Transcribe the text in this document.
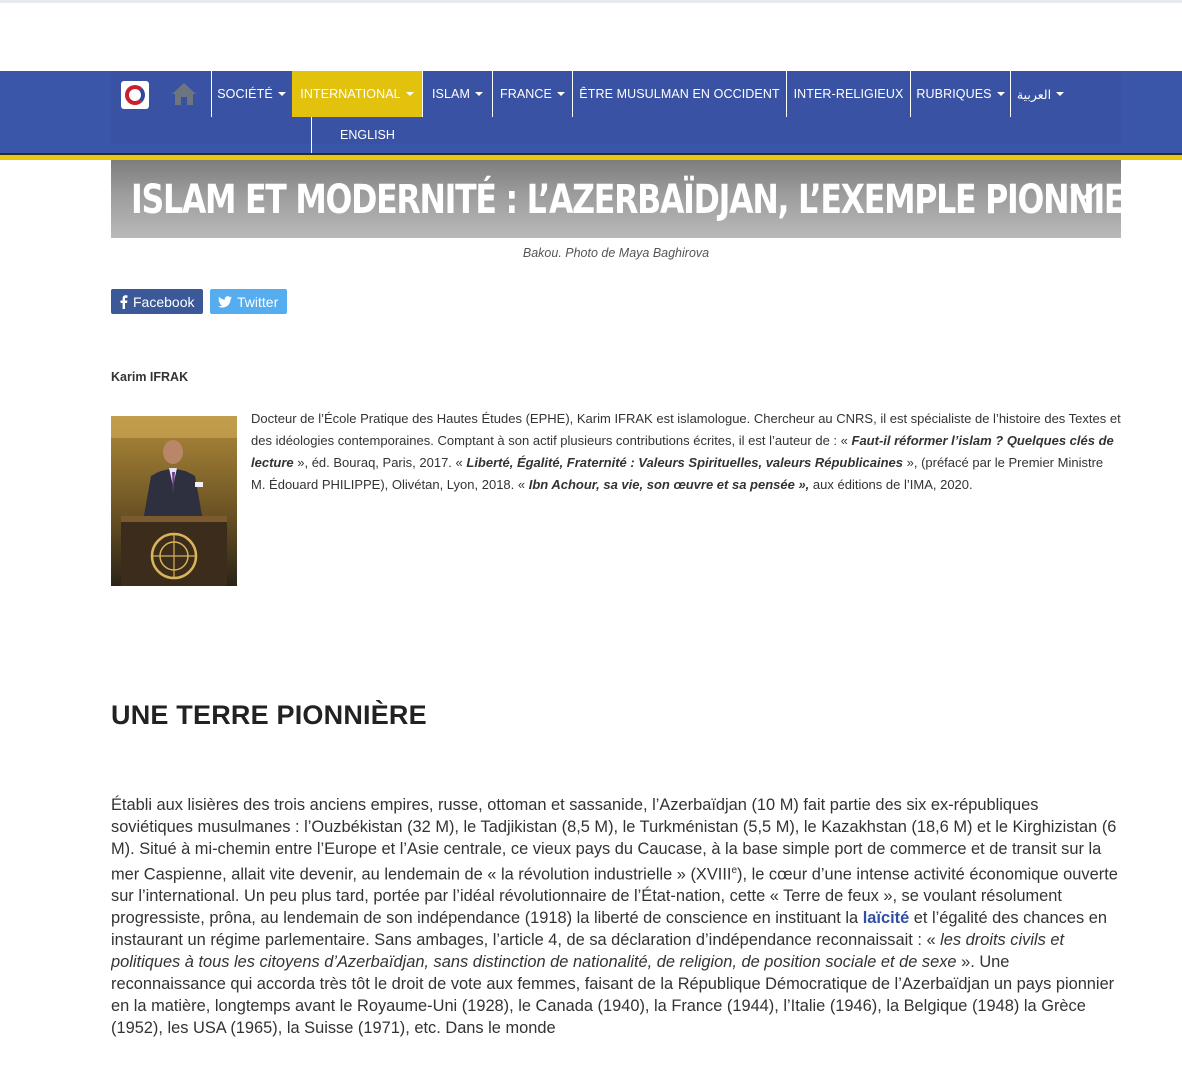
SOCIÉTÉ INTERNATIONAL	ISLAM FRANCE ÊTRE MUSULMAN EN OCCIDENT INTER-RELIGIEUX RUBRIQUES العربية
ENGLISH
ISLAM ET MODERNITÉ : L’AZERBAÏDJAN, L’EXEMPLE PIONNIER
Bakou. Photo de Maya Baghirova
Facebook	Twitter
Karim IFRAK
Docteur de l’École Pratique des Hautes Études (EPHE), Karim IFRAK est islamologue. Chercheur au CNRS, il est spécialiste de l’histoire des Textes et des idéologies contemporaines. Comptant à son actif plusieurs contributions écrites, il est l’auteur de : « Faut-il réformer l’islam ? Quelques clés de lecture », éd. Bouraq, Paris, 2017. « Liberté, Égalité, Fraternité : Valeurs Spirituelles, valeurs Républicaines », (préfacé par le Premier Ministre M. Édouard PHILIPPE), Olivétan, Lyon, 2018. « Ibn Achour, sa vie, son œuvre et sa pensée », aux éditions de l’IMA, 2020.
UNE TERRE PIONNIÈRE
Établi aux lisières des trois anciens empires, russe, ottoman et sassanide, l’Azerbaïdjan (10 M) fait partie des six ex-républiques soviétiques musulmanes : l’Ouzbékistan (32 M), le Tadjikistan (8,5 M), le Turkménistan (5,5 M), le Kazakhstan (18,6 M) et le Kirghizistan (6 M). Situé à mi-chemin entre l’Europe et l’Asie centrale, ce vieux pays du Caucase, à la base simple port de commerce et de transit sur la mer Caspienne, allait vite devenir, au lendemain de « la révolution industrielle » (XVIIIe), le cœur d’une intense activité économique ouverte sur l’international. Un peu plus tard, portée par l’idéal révolutionnaire de l’État-nation, cette « Terre de feux », se voulant résolument progressiste, prôna, au lendemain de son indépendance (1918) la liberté de conscience en instituant la laïcité et l’égalité des chances en instaurant un régime parlementaire. Sans ambages, l’article 4, de sa déclaration d’indépendance reconnaissait : « les droits civils et politiques à tous les citoyens d’Azerbaïdjan, sans distinction de nationalité, de religion, de position sociale et de sexe ». Une reconnaissance qui accorda très tôt le droit de vote aux femmes, faisant de la République Démocratique de l’Azerbaïdjan un pays pionnier en la matière, longtemps avant le Royaume-Uni (1928), le Canada (1940), la France (1944), l’Italie (1946), la Belgique (1948) la Grèce (1952), les USA (1965), la Suisse (1971), etc. Dans le monde
